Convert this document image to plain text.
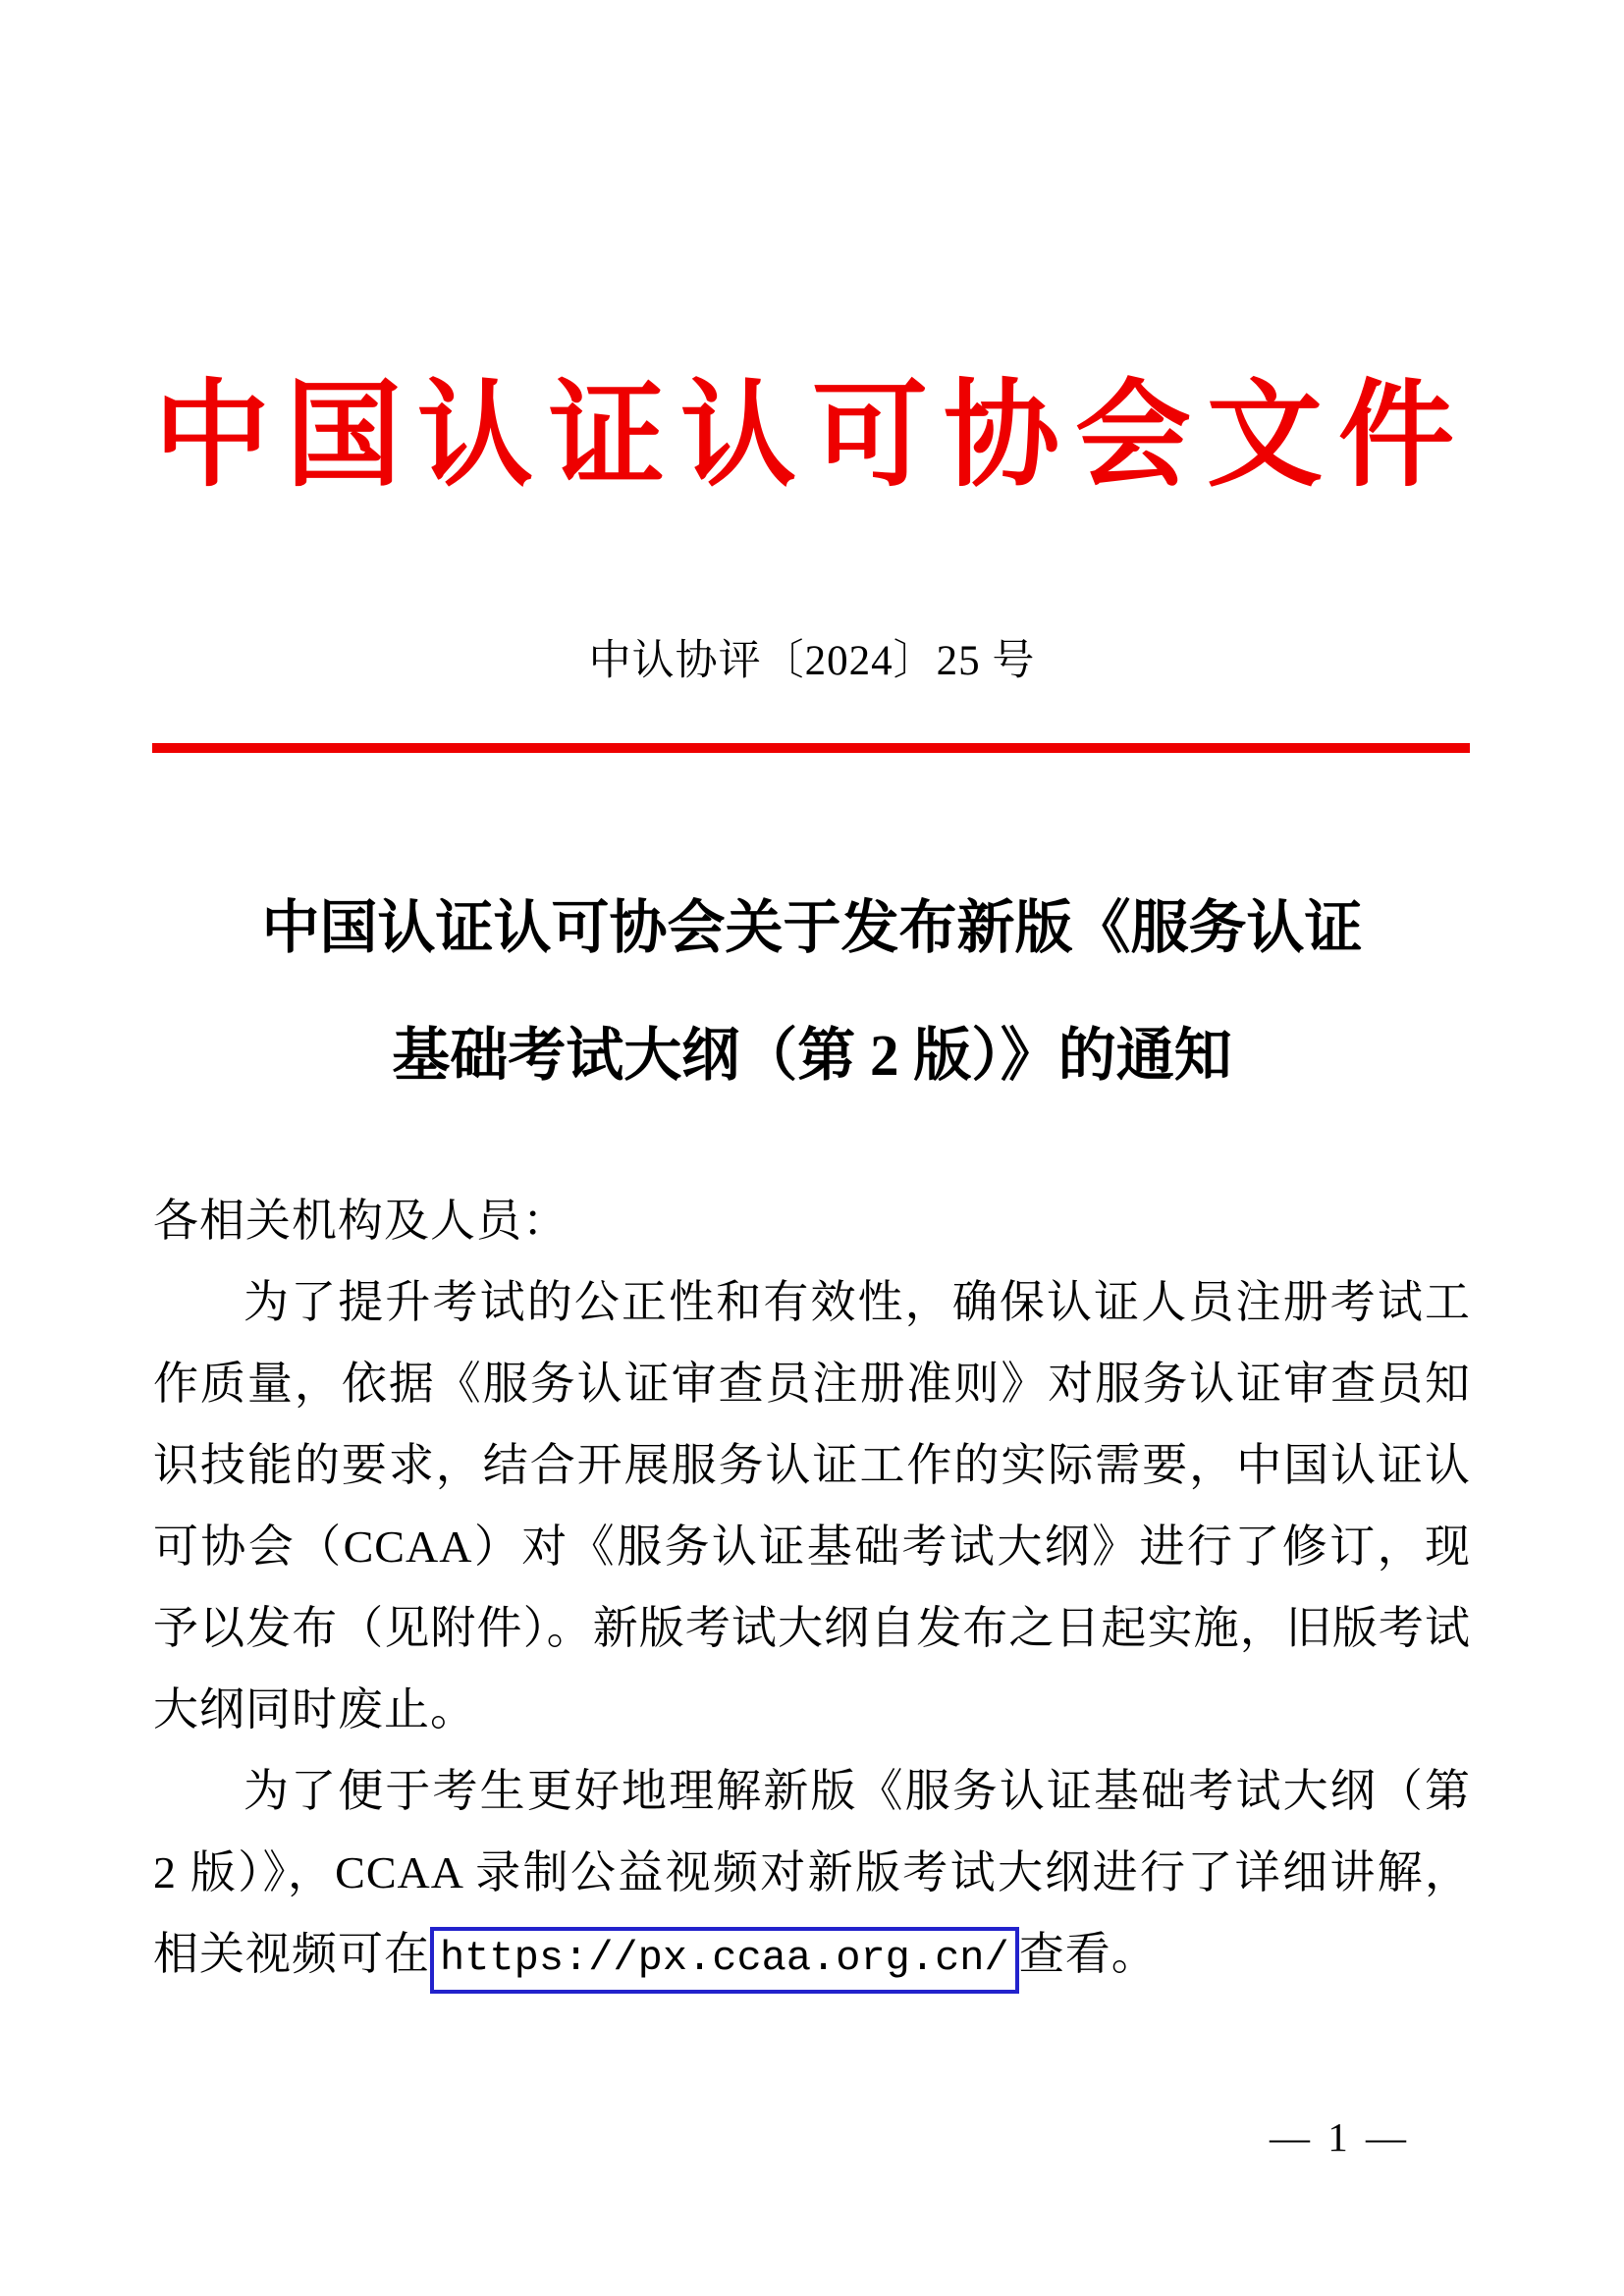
中国认证认可协会文件
中认协评〔2024〕25 号
中国认证认可协会关于发布新版《服务认证
基础考试大纲（第 2 版）》的通知

各相关机构及人员：

为了提升考试的公正性和有效性，确保认证人员注册考试工作质量，依据《服务认证审查员注册准则》对服务认证审查员知识技能的要求，结合开展服务认证工作的实际需要，中国认证认可协会（CCAA）对《服务认证基础考试大纲》进行了修订，现予以发布（见附件）。新版考试大纲自发布之日起实施，旧版考试大纲同时废止。

为了便于考生更好地理解新版《服务认证基础考试大纲（第 2 版）》，CCAA 录制公益视频对新版考试大纲进行了详细讲解，相关视频可在 https://px.ccaa.org.cn/ 查看。

— 1 —
